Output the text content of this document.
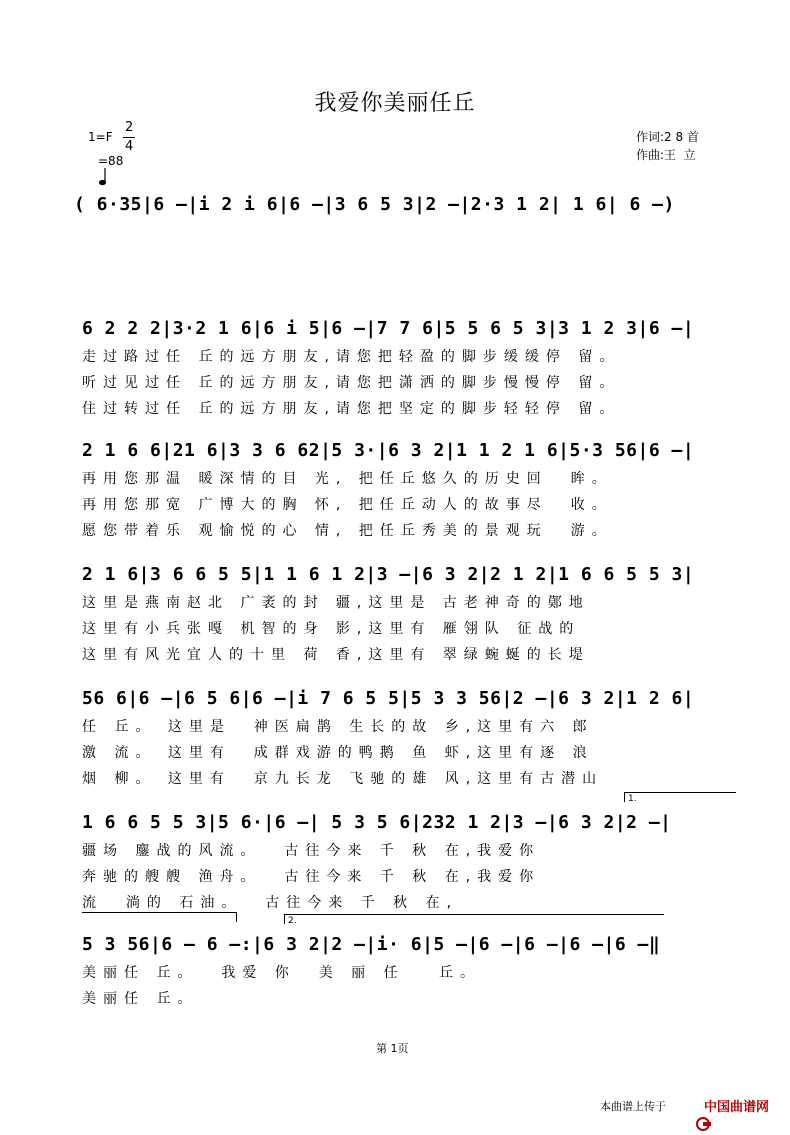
我爱你美丽任丘
1=F
2
4

=88
作词:2 8 首
作曲:王  立
( 6·35|6 –|i 2 i 6|6 –|3 6 5 3|2 –|2·3 1 2| 1 6| 6 –)
6 2 2 2|3·2 1 6|6 i 5|6 –|7 7 6|5 5 6 5 3|3 1 2 3|6 –|
走过路过任 丘的远方朋友,请您把轻盈的脚步缓缓停 留。
听过见过任 丘的远方朋友,请您把潇洒的脚步慢慢停 留。
住过转过任 丘的远方朋友,请您把坚定的脚步轻轻停 留。
2 1 6 6|21 6|3 3 6 62|5 3·|6 3 2|1 1 2 1 6|5·3 56|6 –|
再用您那温 暖深情的目 光, 把任丘悠久的历史回  眸。
再用您那宽 广博大的胸 怀, 把任丘动人的故事尽  收。
愿您带着乐 观愉悦的心 情, 把任丘秀美的景观玩  游。
2 1 6|3 6 6 5 5|1 1 6 1 2|3 –|6 3 2|2 1 2|1 6 6 5 5 3|
这里是燕南赵北 广袤的封 疆,这里是 古老神奇的鄚地
这里有小兵张嘎 机智的身 影,这里有 雁翎队 征战的
这里有风光宜人的十里 荷 香,这里有 翠绿蜿蜒的长堤
56 6|6 –|6 5 6|6 –|i 7 6 5 5|5 3 3 56|2 –|6 3 2|1 2 6|
任 丘。 这里是  神医扁鹊 生长的故 乡,这里有六 郎
激 流。 这里有  成群戏游的鸭鹅 鱼 虾,这里有逐 浪
烟 柳。 这里有  京九长龙 飞驰的雄 风,这里有古潜山
1.
1 6 6 5 5 3|5 6·|6 –| 5 3 5 6|232 1 2|3 –|6 3 2|2 –|
疆场 鏖战的风流。  古往今来 千 秋 在,我爱你
奔驰的艘艘 渔舟。  古往今来 千 秋 在,我爱你
流  淌的 石油。  古往今来 千 秋 在,
2.
5 3 56|6 – 6 –:|6 3 2|2 –|i· 6|5 –|6 –|6 –|6 –|6 –‖
美丽任 丘。  我爱 你  美 丽 任   丘。
美丽任 丘。
第 1页
本曲谱上传于

	中国曲谱网
